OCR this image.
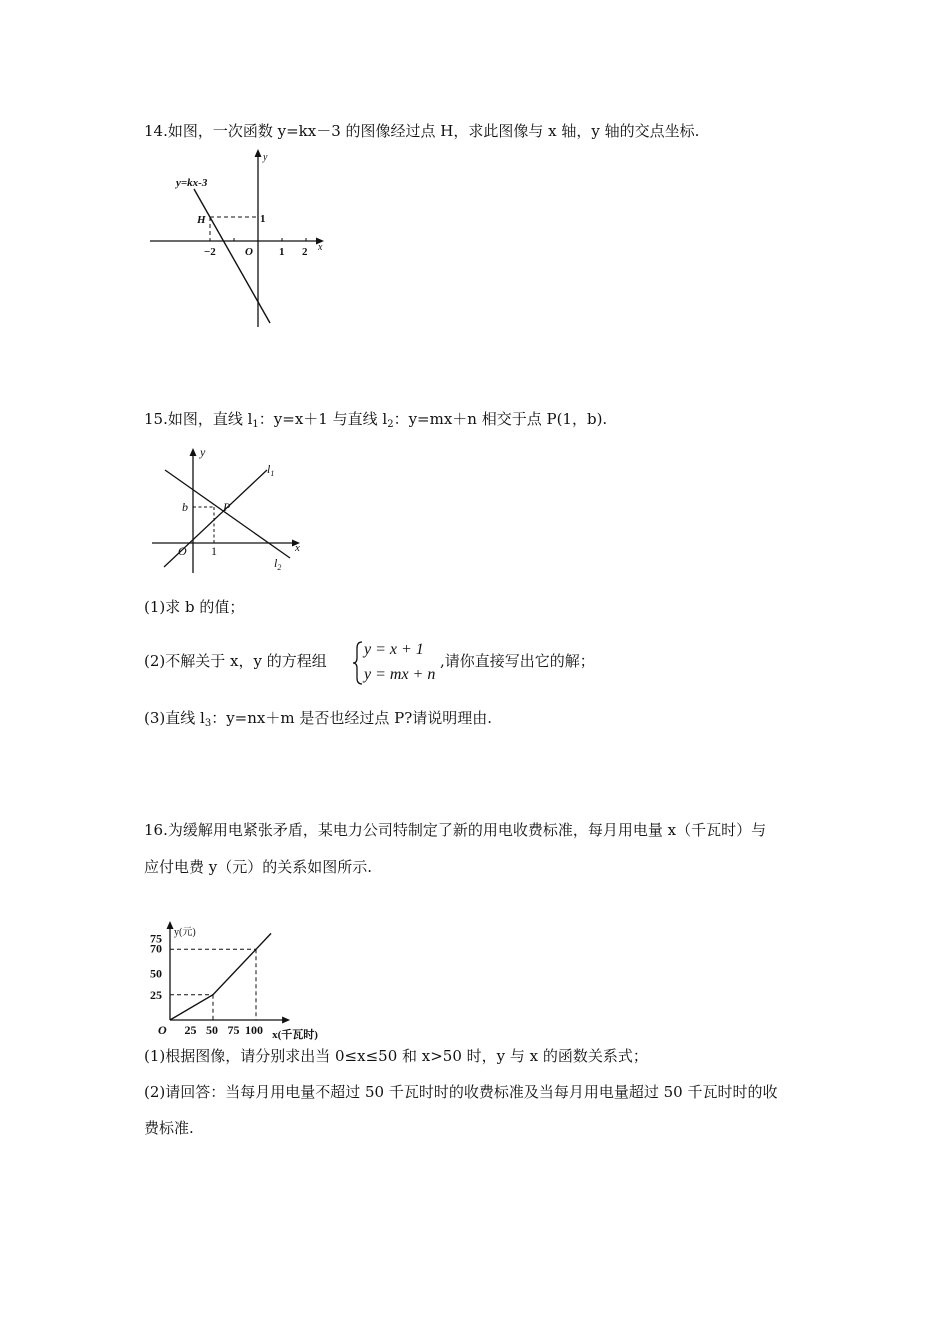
14.如图，一次函数 y=kx－3 的图像经过点 H，求此图像与 x 轴，y 轴的交点坐标.
y=kx-3
H
y
x
O
−2	1 2
1
15.如图，直线 $l_1$：y=x＋1 与直线 $l_2$：y=mx＋n 相交于点 P(1，b).
y
x
O
b	P
1
$l_1$
$l_2$
(1)求 b 的值；
(2)不解关于 x，y 的方程组
y = x + 1
y = mx + n
,请你直接写出它的解；
(3)直线 $l_3$：y=nx＋m 是否也经过点 P?请说明理由.
16.为缓解用电紧张矛盾，某电力公司特制定了新的用电收费标准，每月用电量 x（千瓦时）与
应付电费 y（元）的关系如图所示.
25 50 75 100
25
50
70
75
O
y(元)
x(千瓦时)
(1)根据图像，请分别求出当 0≤x≤50 和 x>50 时，y 与 x 的函数关系式；
(2)请回答：当每月用电量不超过 50 千瓦时时的收费标准及当每月用电量超过 50 千瓦时时的收
费标准.
